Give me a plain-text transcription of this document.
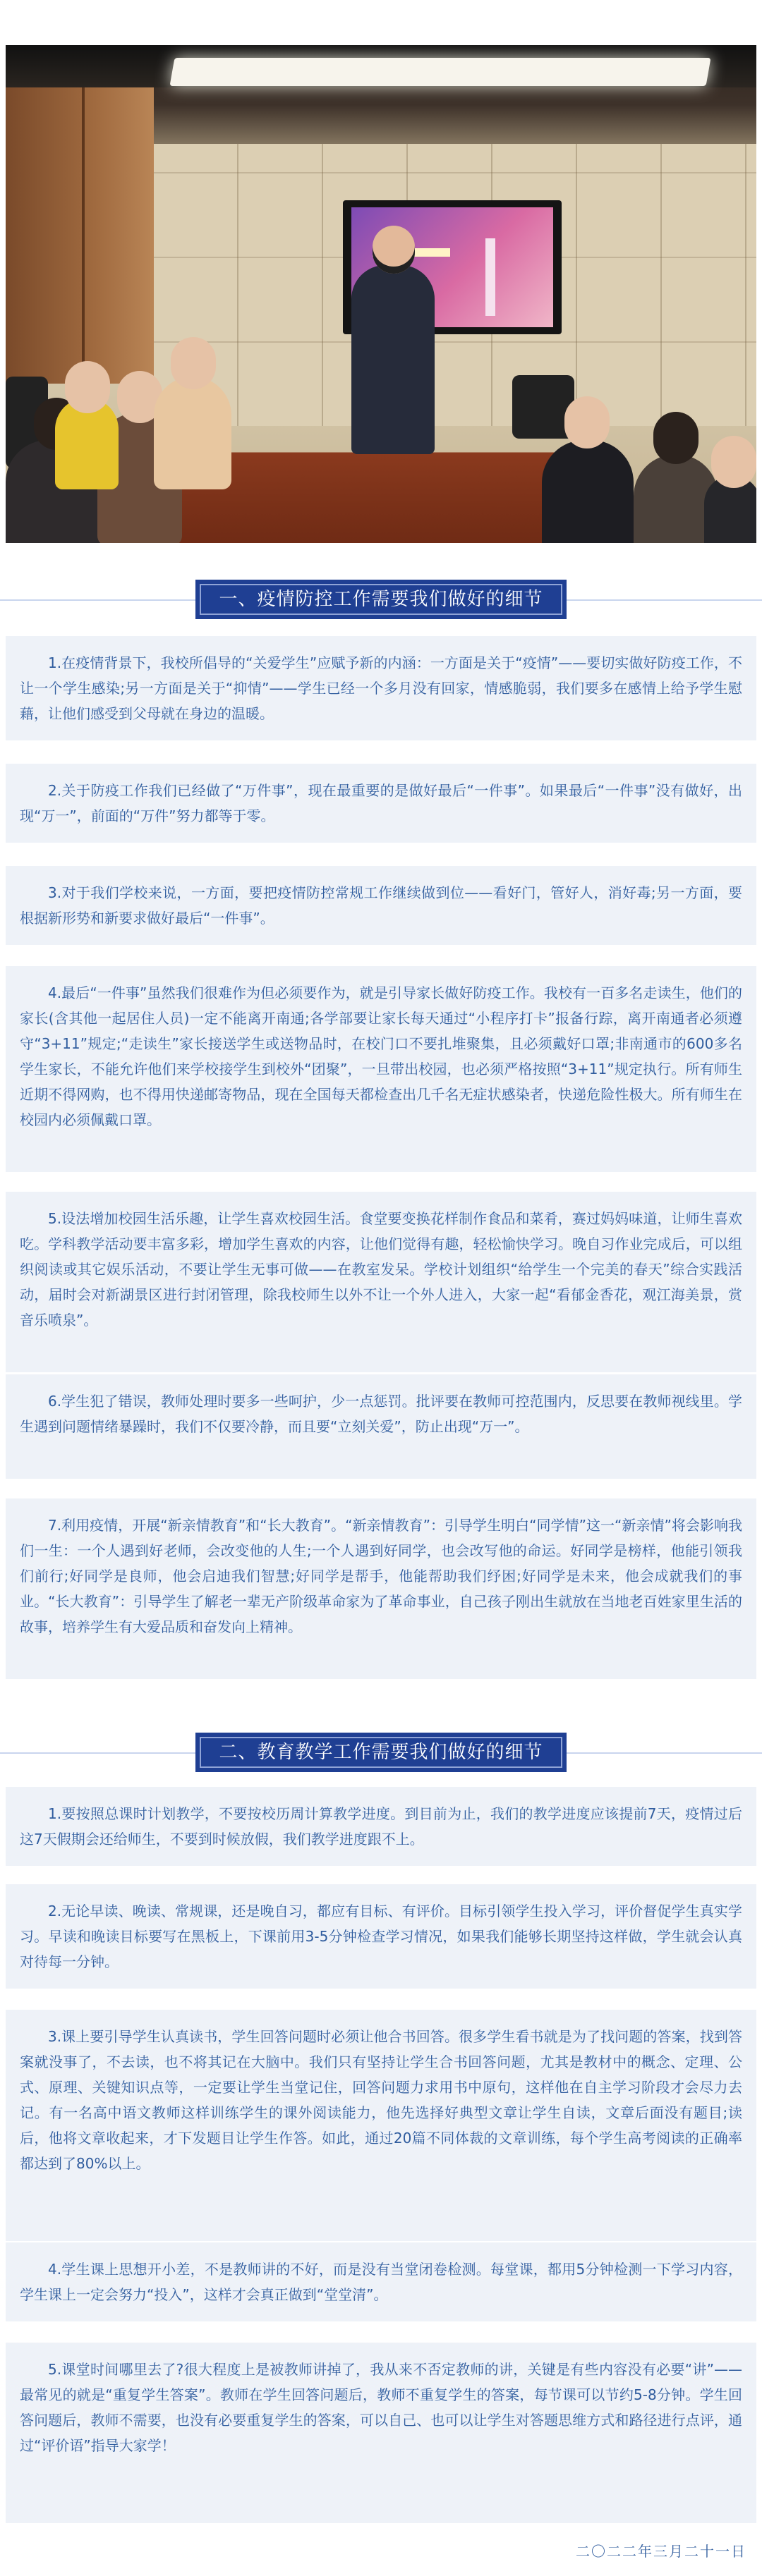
一、疫情防控工作需要我们做好的细节
1.在疫情背景下，我校所倡导的“关爱学生”应赋予新的内涵：一方面是关于“疫情”——要切实做好防疫工作，不让一个学生感染;另一方面是关于“抑情”——学生已经一个多月没有回家，情感脆弱，我们要多在感情上给予学生慰藉，让他们感受到父母就在身边的温暖。
2.关于防疫工作我们已经做了“万件事”，现在最重要的是做好最后“一件事”。如果最后“一件事”没有做好，出现“万一”，前面的“万件”努力都等于零。
3.对于我们学校来说，一方面，要把疫情防控常规工作继续做到位——看好门，管好人，消好毒;另一方面，要根据新形势和新要求做好最后“一件事”。
4.最后“一件事”虽然我们很难作为但必须要作为，就是引导家长做好防疫工作。我校有一百多名走读生，他们的家长(含其他一起居住人员)一定不能离开南通;各学部要让家长每天通过“小程序打卡”报备行踪，离开南通者必须遵守“3+11”规定;“走读生”家长接送学生或送物品时，在校门口不要扎堆聚集，且必须戴好口罩;非南通市的600多名学生家长，不能允许他们来学校接学生到校外“团聚”，一旦带出校园，也必须严格按照“3+11”规定执行。所有师生近期不得网购，也不得用快递邮寄物品，现在全国每天都检查出几千名无症状感染者，快递危险性极大。所有师生在校园内必须佩戴口罩。
5.设法增加校园生活乐趣，让学生喜欢校园生活。食堂要变换花样制作食品和菜肴，赛过妈妈味道，让师生喜欢吃。学科教学活动要丰富多彩，增加学生喜欢的内容，让他们觉得有趣，轻松愉快学习。晚自习作业完成后，可以组织阅读或其它娱乐活动，不要让学生无事可做——在教室发呆。学校计划组织“给学生一个完美的春天”综合实践活动，届时会对新湖景区进行封闭管理，除我校师生以外不让一个外人进入，大家一起“看郁金香花，观江海美景，赏音乐喷泉”。
6.学生犯了错误，教师处理时要多一些呵护，少一点惩罚。批评要在教师可控范围内，反思要在教师视线里。学生遇到问题情绪暴躁时，我们不仅要冷静，而且要“立刻关爱”，防止出现“万一”。
7.利用疫情，开展“新亲情教育”和“长大教育”。“新亲情教育”：引导学生明白“同学情”这一“新亲情”将会影响我们一生：一个人遇到好老师，会改变他的人生;一个人遇到好同学，也会改写他的命运。好同学是榜样，他能引领我们前行;好同学是良师，他会启迪我们智慧;好同学是帮手，他能帮助我们纾困;好同学是未来，他会成就我们的事业。“长大教育”：引导学生了解老一辈无产阶级革命家为了革命事业，自己孩子刚出生就放在当地老百姓家里生活的故事，培养学生有大爱品质和奋发向上精神。
二、教育教学工作需要我们做好的细节
1.要按照总课时计划教学，不要按校历周计算教学进度。到目前为止，我们的教学进度应该提前7天，疫情过后这7天假期会还给师生，不要到时候放假，我们教学进度跟不上。
2.无论早读、晚读、常规课，还是晚自习，都应有目标、有评价。目标引领学生投入学习，评价督促学生真实学习。早读和晚读目标要写在黑板上，下课前用3-5分钟检查学习情况，如果我们能够长期坚持这样做，学生就会认真对待每一分钟。
3.课上要引导学生认真读书，学生回答问题时必须让他合书回答。很多学生看书就是为了找问题的答案，找到答案就没事了，不去读，也不将其记在大脑中。我们只有坚持让学生合书回答问题，尤其是教材中的概念、定理、公式、原理、关键知识点等，一定要让学生当堂记住，回答问题力求用书中原句，这样他在自主学习阶段才会尽力去记。有一名高中语文教师这样训练学生的课外阅读能力，他先选择好典型文章让学生自读，文章后面没有题目;读后，他将文章收起来，才下发题目让学生作答。如此，通过20篇不同体裁的文章训练，每个学生高考阅读的正确率都达到了80%以上。
4.学生课上思想开小差，不是教师讲的不好，而是没有当堂闭卷检测。每堂课，都用5分钟检测一下学习内容，学生课上一定会努力“投入”，这样才会真正做到“堂堂清”。
5.课堂时间哪里去了?很大程度上是被教师讲掉了，我从来不否定教师的讲，关键是有些内容没有必要“讲”——最常见的就是“重复学生答案”。教师在学生回答问题后，教师不重复学生的答案，每节课可以节约5-8分钟。学生回答问题后，教师不需要，也没有必要重复学生的答案，可以自己、也可以让学生对答题思维方式和路径进行点评，通过“评价语”指导大家学！
二〇二二年三月二十一日
